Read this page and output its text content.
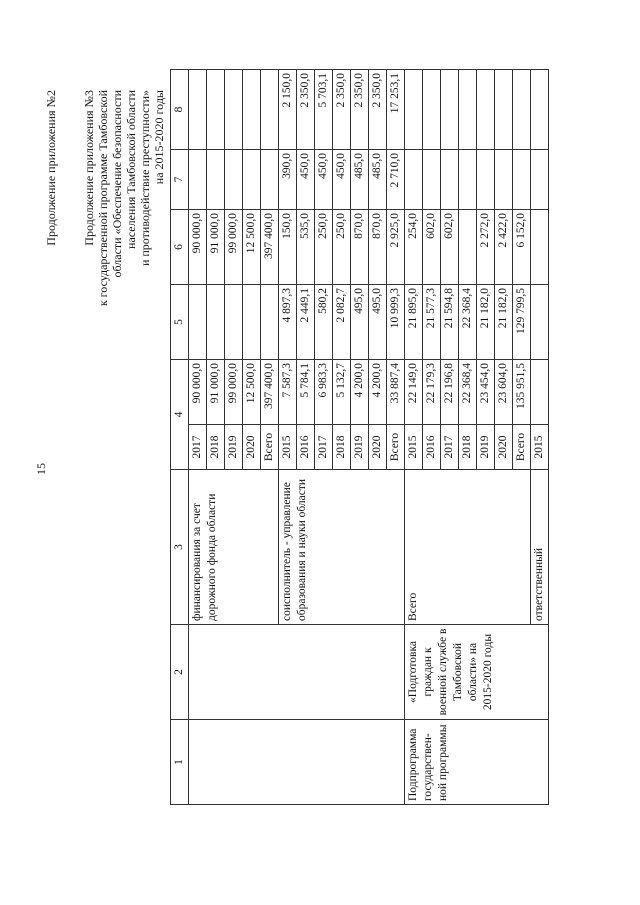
15
Продолжение приложения №2 Продолжение приложения №3 к государственной программе Тамбовской области «Обеспечение безопасности населения Тамбовской области и противодействие преступности» на 2015-2020 годы
1	2	3	4		5	6	7	8
		финансирования за счет дорожного фонда области	2017	90 000,0		90 000,0		
			2018	91 000,0		91 000,0		
			2019	99 000,0		99 000,0		
			2020	12 500,0		12 500,0		
			Всего	397 400,0		397 400,0		
		соисполнитель - управление образования и науки области	2015	7 587,3	4 897,3	150,0	390,0	2 150,0
			2016	5 784,1	2 449,1	535,0	450,0	2 350,0
			2017	6 983,3	580,2	250,0	450,0	5 703,1
			2018	5 132,7	2 082,7	250,0	450,0	2 350,0
			2019	4 200,0	495,0	870,0	485,0	2 350,0
			2020	4 200,0	495,0	870,0	485,0	2 350,0
			Всего	33 887,4	10 999,3	2 925,0	2 710,0	17 253,1
Подпрограмма государствен-ной программы	«Подготовка граждан к военной службе в Тамбовской области» на 2015-2020 годы	Всего	2015	22 149,0	21 895,0	254,0		
			2016	22 179,3	21 577,3	602,0		
			2017	22 196,8	21 594,8	602,0		
			2018	22 368,4	22 368,4			
			2019	23 454,0	21 182,0	2 272,0		
			2020	23 604,0	21 182,0	2 422,0		
			Всего	135 951,5	129 799,5	6 152,0		
		ответственный	2015					
